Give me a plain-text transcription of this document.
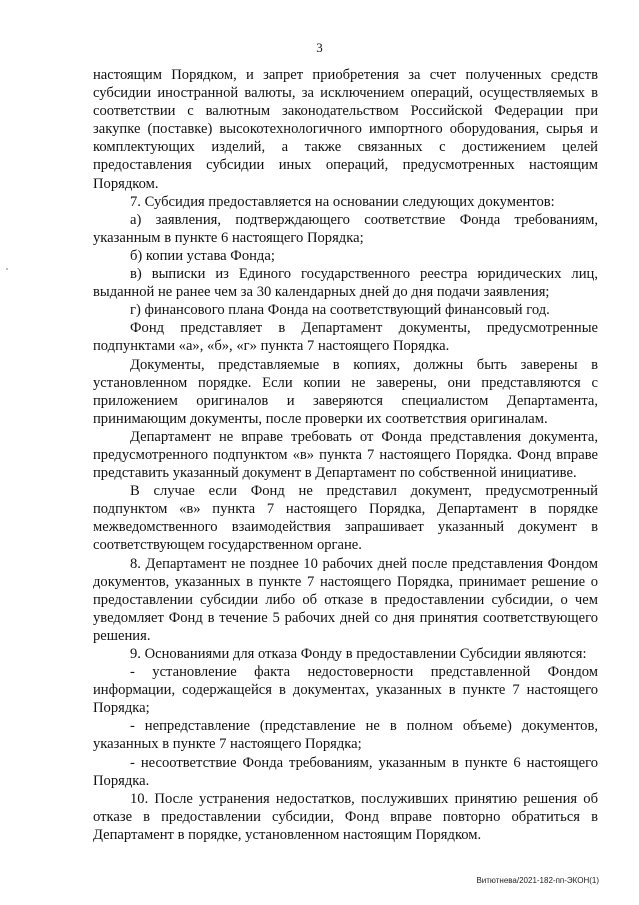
3

настоящим Порядком, и запрет приобретения за счет полученных средств субсидии иностранной валюты, за исключением операций, осуществляемых в соответствии с валютным законодательством Российской Федерации при закупке (поставке) высокотехнологичного импортного оборудования, сырья и комплектующих изделий, а также связанных с достижением целей предоставления субсидии иных операций, предусмотренных настоящим Порядком.

7. Субсидия предоставляется на основании следующих документов:

а) заявления, подтверждающего соответствие Фонда требованиям, указанным в пункте 6 настоящего Порядка;

б) копии устава Фонда;

в) выписки из Единого государственного реестра юридических лиц, выданной не ранее чем за 30 календарных дней до дня подачи заявления;

г) финансового плана Фонда на соответствующий финансовый год.

Фонд представляет в Департамент документы, предусмотренные подпунктами «а», «б», «г» пункта 7 настоящего Порядка.

Документы, представляемые в копиях, должны быть заверены в установленном порядке. Если копии не заверены, они представляются с приложением оригиналов и заверяются специалистом Департамента, принимающим документы, после проверки их соответствия оригиналам.

Департамент не вправе требовать от Фонда представления документа, предусмотренного подпунктом «в» пункта 7 настоящего Порядка. Фонд вправе представить указанный документ в Департамент по собственной инициативе.

В случае если Фонд не представил документ, предусмотренный подпунктом «в» пункта 7 настоящего Порядка, Департамент в порядке межведомственного взаимодействия запрашивает указанный документ в соответствующем государственном органе.

8. Департамент не позднее 10 рабочих дней после представления Фондом документов, указанных в пункте 7 настоящего Порядка, принимает решение о предоставлении субсидии либо об отказе в предоставлении субсидии, о чем уведомляет Фонд в течение 5 рабочих дней со дня принятия соответствующего решения.

9. Основаниями для отказа Фонду в предоставлении Субсидии являются:

- установление факта недостоверности представленной Фондом информации, содержащейся в документах, указанных в пункте 7 настоящего Порядка;

- непредставление (представление не в полном объеме) документов, указанных в пункте 7 настоящего Порядка;

- несоответствие Фонда требованиям, указанным в пункте 6 настоящего Порядка.

10. После устранения недостатков, послуживших принятию решения об отказе в предоставлении субсидии, Фонд вправе повторно обратиться в Департамент в порядке, установленном настоящим Порядком.

Витютнева/2021-182-пп-ЭКОН(1)
